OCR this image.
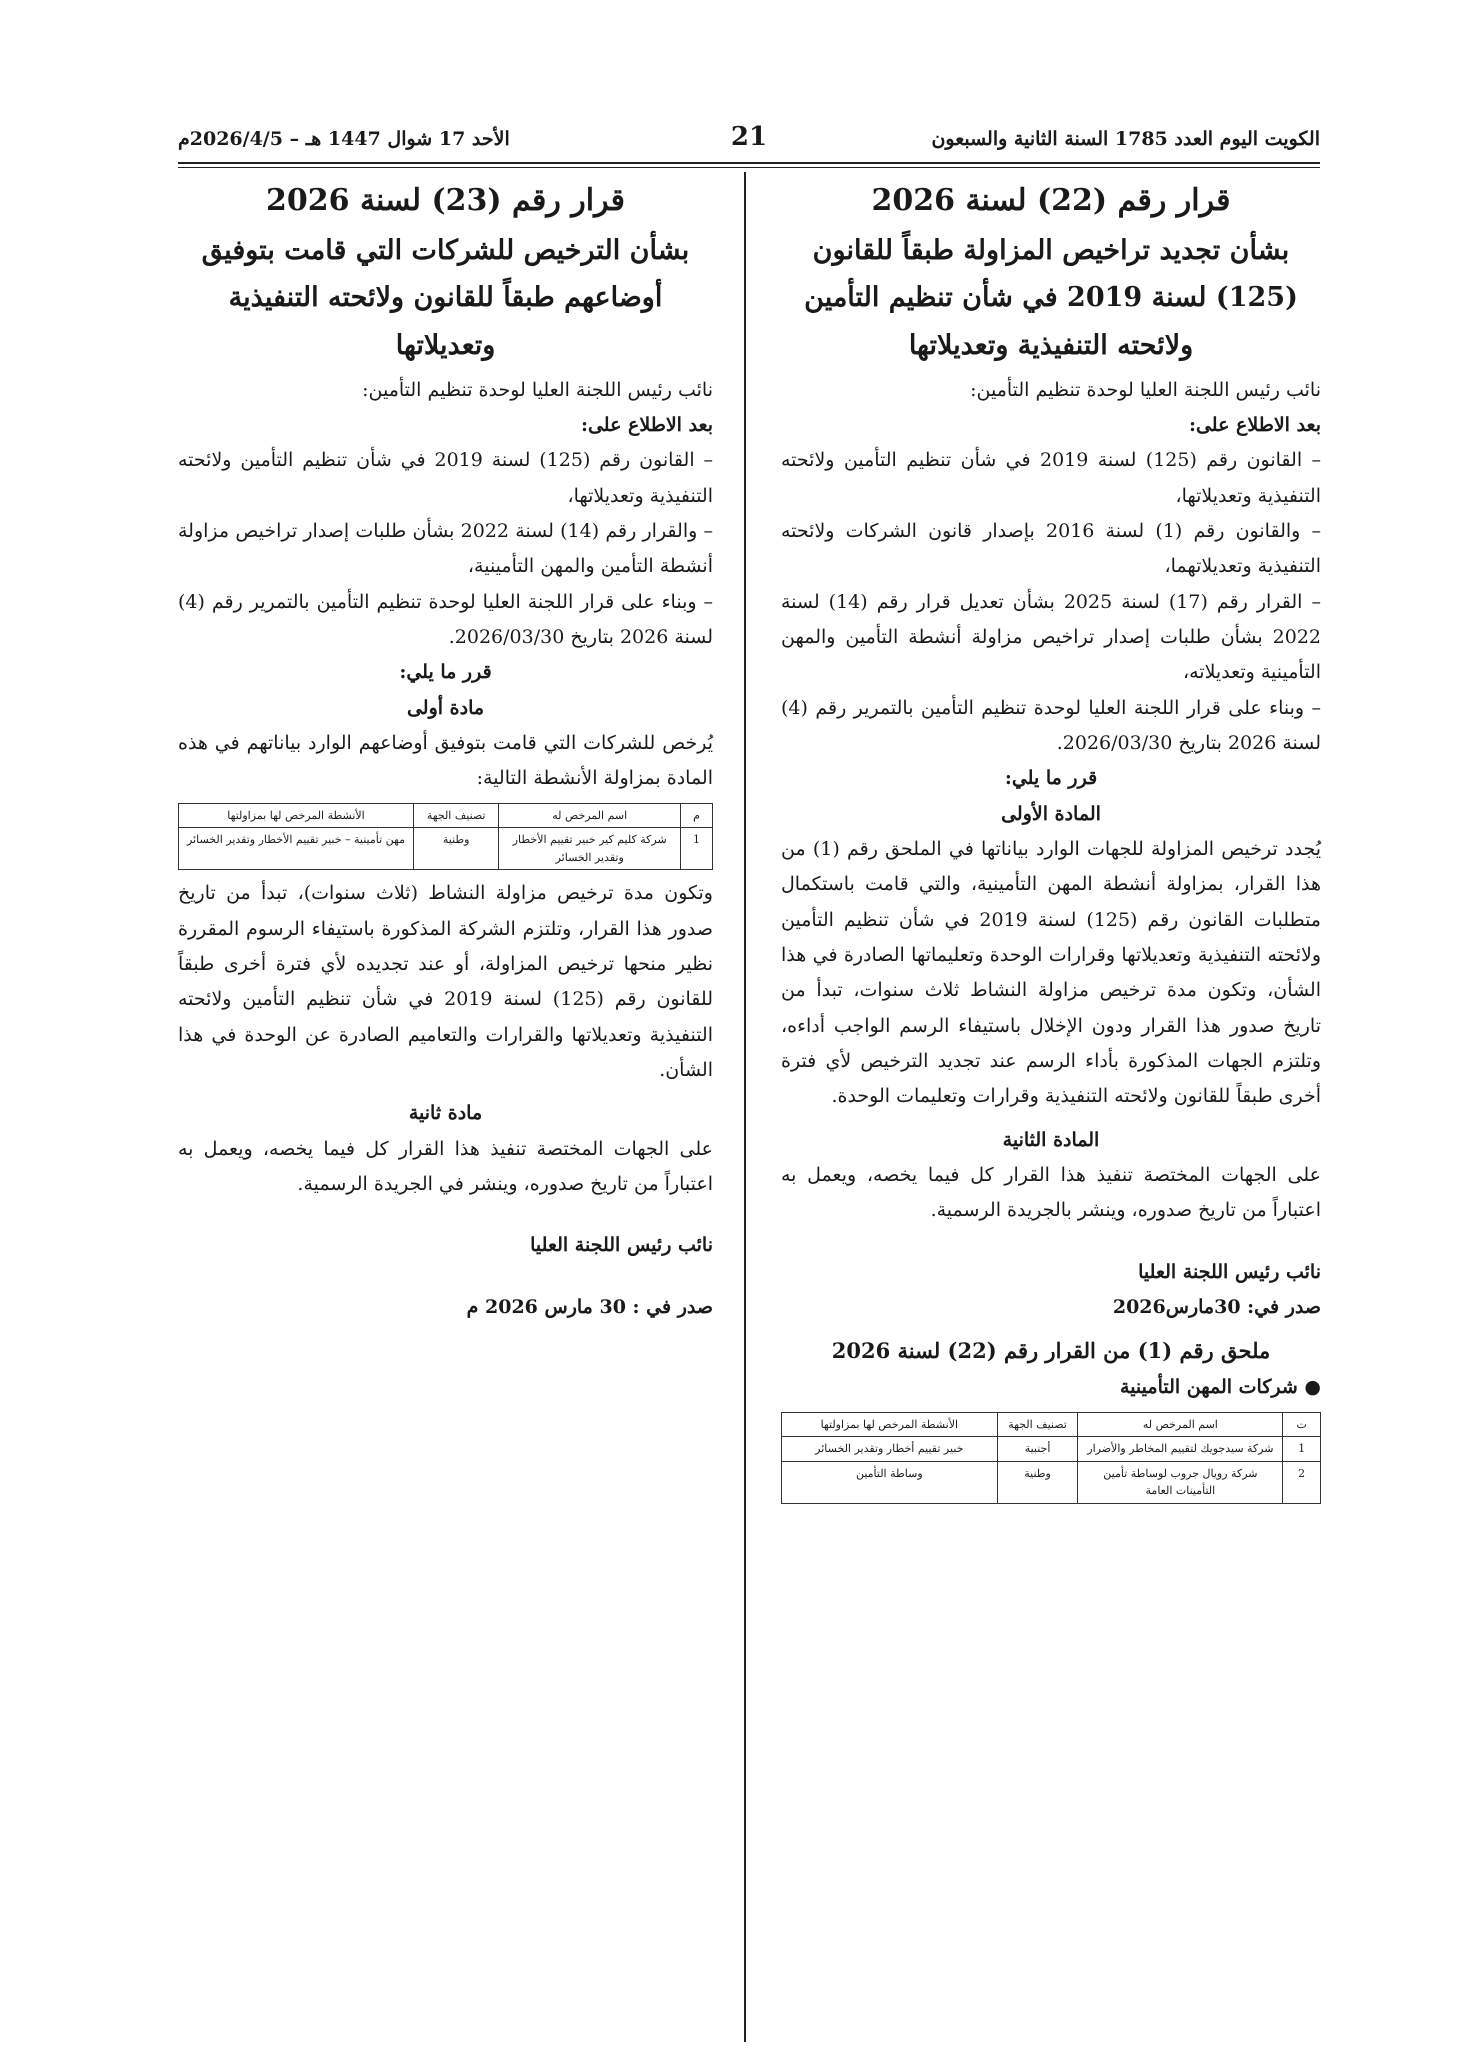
الكويت اليوم العدد 1785 السنة الثانية والسبعون
21
الأحد 17 شوال 1447 هـ – 2026/4/5م
قرار رقم (22) لسنة 2026
بشأن تجديد تراخيص المزاولة طبقاً للقانون (125) لسنة 2019 في شأن تنظيم التأمين ولائحته التنفيذية وتعديلاتها

نائب رئيس اللجنة العليا لوحدة تنظيم التأمين:

بعد الاطلاع على:

– القانون رقم (125) لسنة 2019 في شأن تنظيم التأمين ولائحته التنفيذية وتعديلاتها،

– والقانون رقم (1) لسنة 2016 بإصدار قانون الشركات ولائحته التنفيذية وتعديلاتهما،

– القرار رقم (17) لسنة 2025 بشأن تعديل قرار رقم (14) لسنة 2022 بشأن طلبات إصدار تراخيص مزاولة أنشطة التأمين والمهن التأمينية وتعديلاته،

– وبناء على قرار اللجنة العليا لوحدة تنظيم التأمين بالتمرير رقم (4) لسنة 2026 بتاريخ 2026/03/30.

قرر ما يلي:

المادة الأولى

يُجدد ترخيص المزاولة للجهات الوارد بياناتها في الملحق رقم (1) من هذا القرار، بمزاولة أنشطة المهن التأمينية، والتي قامت باستكمال متطلبات القانون رقم (125) لسنة 2019 في شأن تنظيم التأمين ولائحته التنفيذية وتعديلاتها وقرارات الوحدة وتعليماتها الصادرة في هذا الشأن، وتكون مدة ترخيص مزاولة النشاط ثلاث سنوات، تبدأ من تاريخ صدور هذا القرار ودون الإخلال باستيفاء الرسم الواجب أداءه، وتلتزم الجهات المذكورة بأداء الرسم عند تجديد الترخيص لأي فترة أخرى طبقاً للقانون ولائحته التنفيذية وقرارات وتعليمات الوحدة.

المادة الثانية

على الجهات المختصة تنفيذ هذا القرار كل فيما يخصه، ويعمل به اعتباراً من تاريخ صدوره، وينشر بالجريدة الرسمية.

نائب رئيس اللجنة العليا

صدر في: 30مارس2026

ملحق رقم (1) من القرار رقم (22) لسنة 2026

● شركات المهن التأمينية

ت	اسم المرخص له	تصنيف الجهة	الأنشطة المرخص لها بمزاولتها
1	شركة سيدجويك لتقييم المخاطر والأضرار	أجنبية	خبير تقييم أخطار وتقدير الخسائر
2	شركة رويال جروب لوساطة تأمين التأمينات العامة	وطنية	وساطة التأمين
قرار رقم (23) لسنة 2026
بشأن الترخيص للشركات التي قامت بتوفيق أوضاعهم طبقاً للقانون ولائحته التنفيذية وتعديلاتها

نائب رئيس اللجنة العليا لوحدة تنظيم التأمين:

بعد الاطلاع على:

– القانون رقم (125) لسنة 2019 في شأن تنظيم التأمين ولائحته التنفيذية وتعديلاتها،

– والقرار رقم (14) لسنة 2022 بشأن طلبات إصدار تراخيص مزاولة أنشطة التأمين والمهن التأمينية،

– وبناء على قرار اللجنة العليا لوحدة تنظيم التأمين بالتمرير رقم (4) لسنة 2026 بتاريخ 2026/03/30.

قرر ما يلي:

مادة أولى

يُرخص للشركات التي قامت بتوفيق أوضاعهم الوارد بياناتهم في هذه المادة بمزاولة الأنشطة التالية:

م	اسم المرخص له	تصنيف الجهة	الأنشطة المرخص لها بمزاولتها
1	شركة كليم كير خبير تقييم الأخطار وتقدير الخسائر	وطنية	مهن تأمينية – خبير تقييم الأخطار وتقدير الخسائر

وتكون مدة ترخيص مزاولة النشاط (ثلاث سنوات)، تبدأ من تاريخ صدور هذا القرار، وتلتزم الشركة المذكورة باستيفاء الرسوم المقررة نظير منحها ترخيص المزاولة، أو عند تجديده لأي فترة أخرى طبقاً للقانون رقم (125) لسنة 2019 في شأن تنظيم التأمين ولائحته التنفيذية وتعديلاتها والقرارات والتعاميم الصادرة عن الوحدة في هذا الشأن.

مادة ثانية

على الجهات المختصة تنفيذ هذا القرار كل فيما يخصه، ويعمل به اعتباراً من تاريخ صدوره، وينشر في الجريدة الرسمية.

نائب رئيس اللجنة العليا

صدر في : 30 مارس 2026 م
